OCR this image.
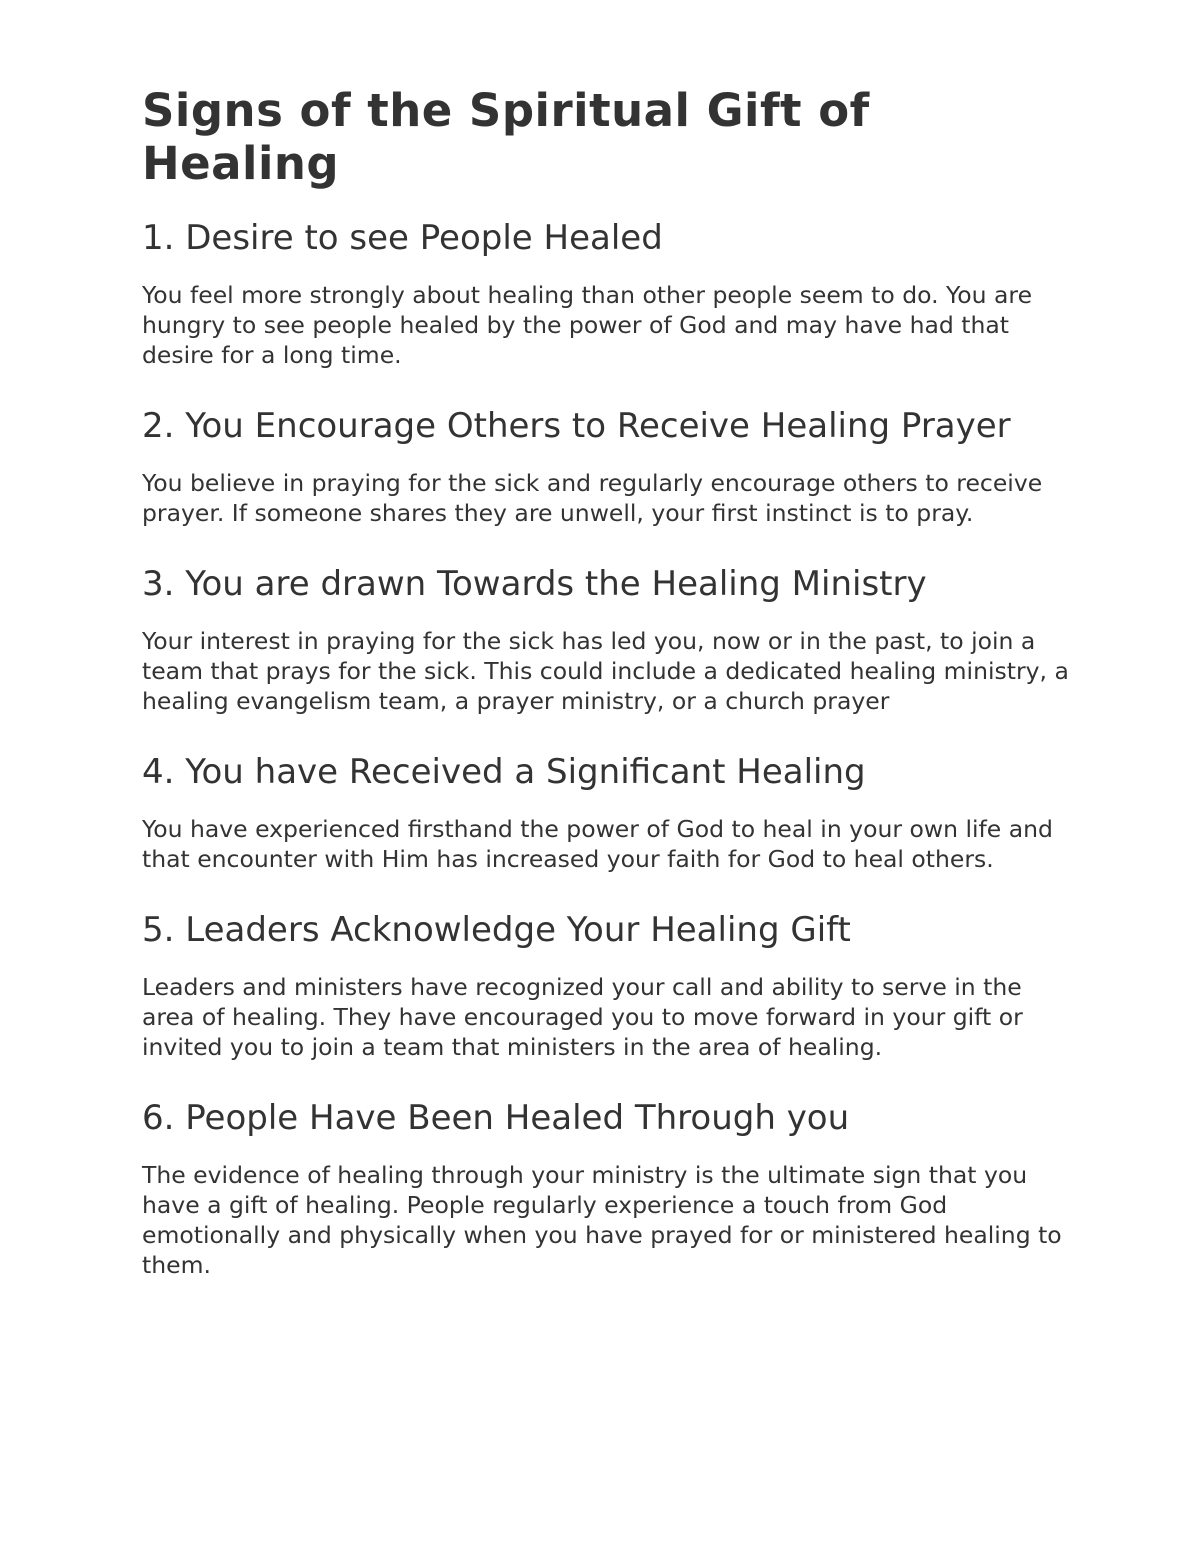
Signs of the Spiritual Gift of Healing
1. Desire to see People Healed

You feel more strongly about healing than other people seem to do. You are hungry to see people healed by the power of God and may have had that desire for a long time.

2. You Encourage Others to Receive Healing Prayer

You believe in praying for the sick and regularly encourage others to receive prayer. If someone shares they are unwell, your first instinct is to pray.

3. You are drawn Towards the Healing Ministry

Your interest in praying for the sick has led you, now or in the past, to join a team that prays for the sick. This could include a dedicated healing ministry, a healing evangelism team, a prayer ministry, or a church prayer

4. You have Received a Significant Healing

You have experienced firsthand the power of God to heal in your own life and that encounter with Him has increased your faith for God to heal others.

5. Leaders Acknowledge Your Healing Gift

Leaders and ministers have recognized your call and ability to serve in the area of healing. They have encouraged you to move forward in your gift or invited you to join a team that ministers in the area of healing.

6. People Have Been Healed Through you

The evidence of healing through your ministry is the ultimate sign that you have a gift of healing. People regularly experience a touch from God emotionally and physically when you have prayed for or ministered healing to them.
